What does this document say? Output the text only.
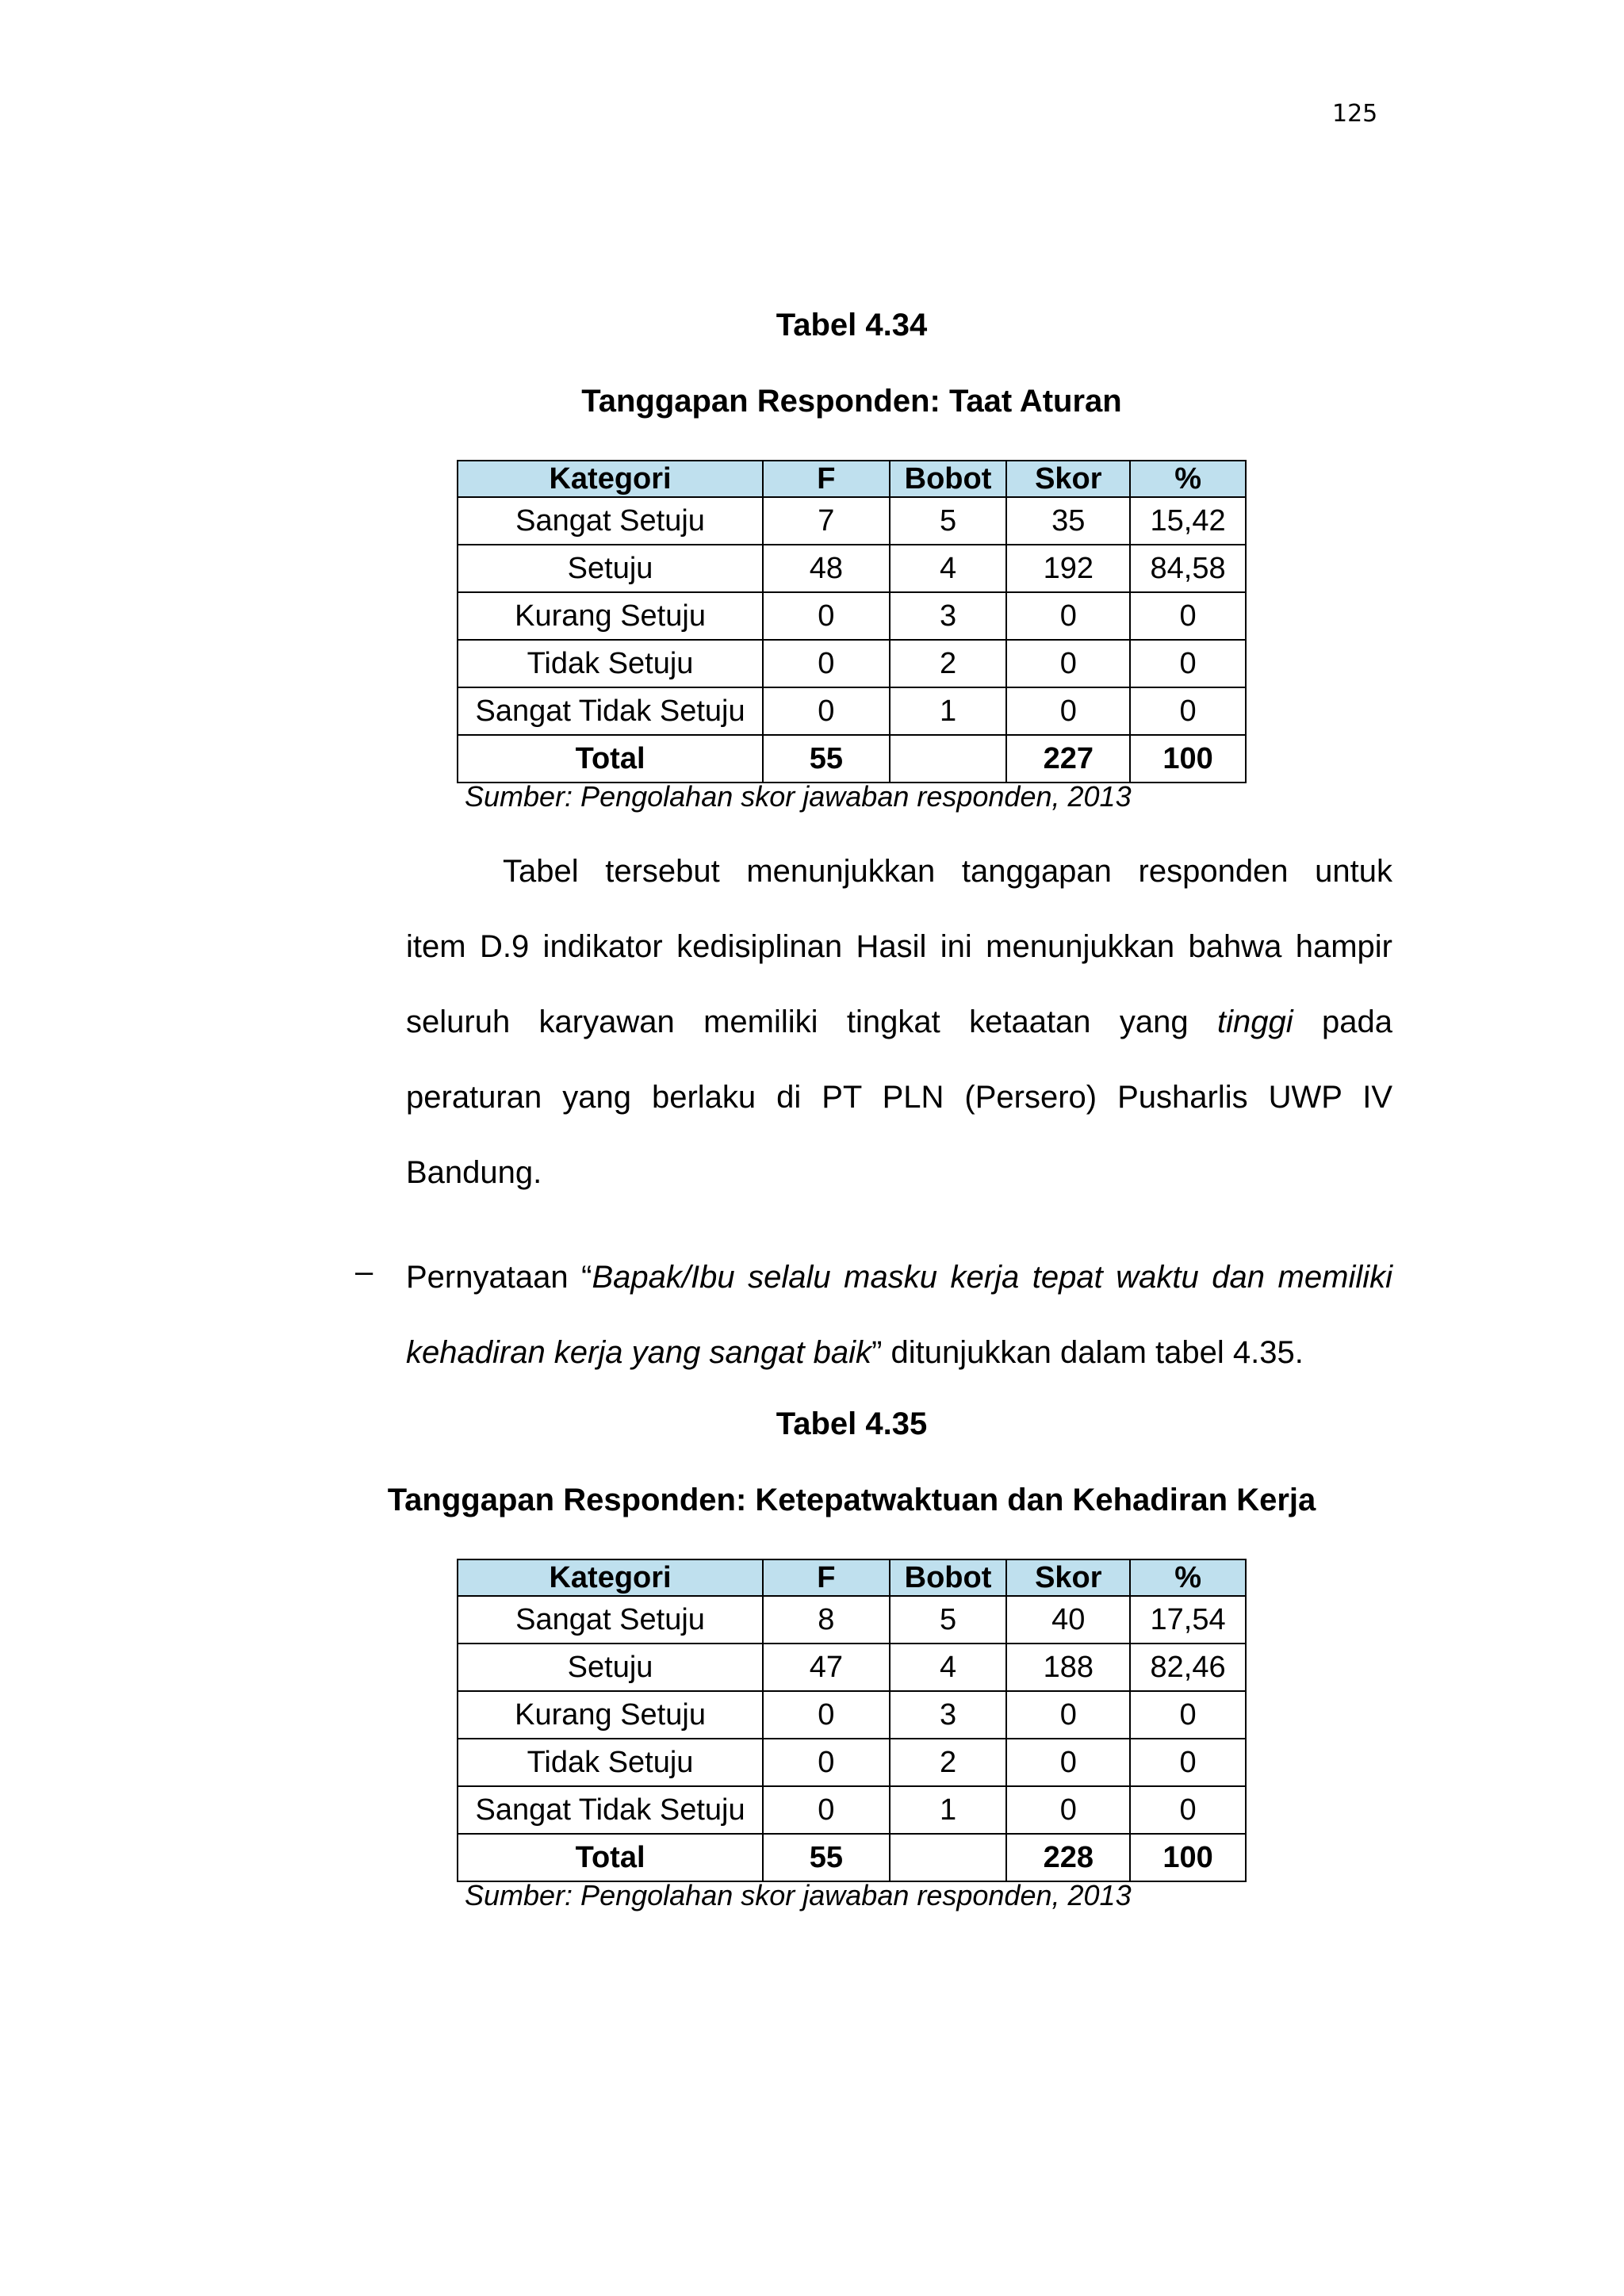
125
Tabel 4.34
Tanggapan Responden: Taat Aturan
Kategori	F	Bobot	Skor	%
Sangat Setuju	7	5	35	15,42
Setuju	48	4	192	84,58
Kurang Setuju	0	3	0	0
Tidak Setuju	0	2	0	0
Sangat Tidak Setuju	0	1	0	0
Total	55		227	100
Sumber: Pengolahan skor jawaban responden, 2013
Tabel tersebut menunjukkan tanggapan responden untuk
item D.9 indikator kedisiplinan Hasil ini menunjukkan bahwa hampir
seluruh karyawan memiliki tingkat ketaatan yang tinggi pada
peraturan yang berlaku di PT PLN (Persero) Pusharlis UWP IV
Bandung.
– Pernyataan “Bapak/Ibu selalu masku kerja tepat waktu dan memiliki
kehadiran kerja yang sangat baik” ditunjukkan dalam tabel 4.35.
Tabel 4.35
Tanggapan Responden: Ketepatwaktuan dan Kehadiran Kerja
Kategori	F	Bobot	Skor	%
Sangat Setuju	8	5	40	17,54
Setuju	47	4	188	82,46
Kurang Setuju	0	3	0	0
Tidak Setuju	0	2	0	0
Sangat Tidak Setuju	0	1	0	0
Total	55		228	100
Sumber: Pengolahan skor jawaban responden, 2013
